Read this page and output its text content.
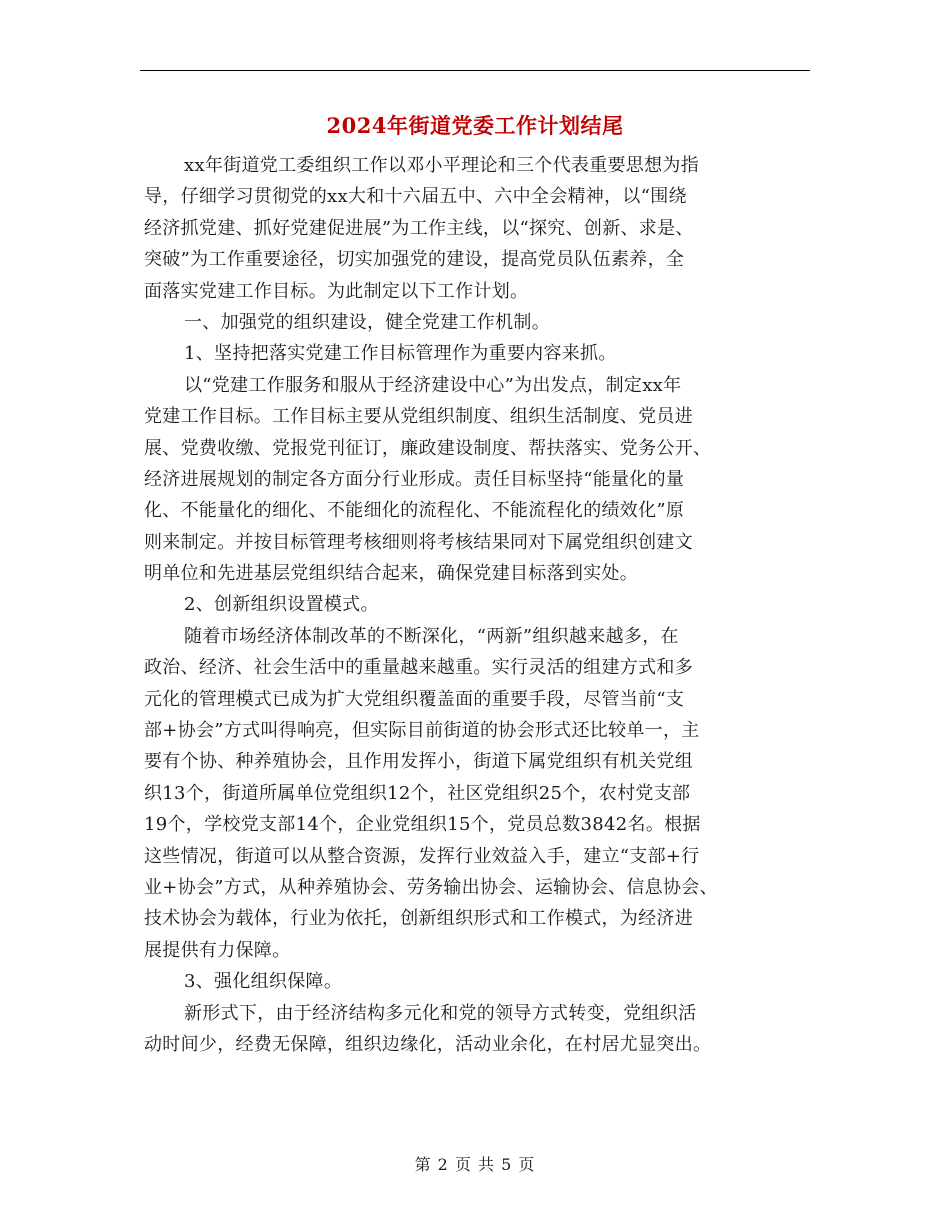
2024年街道党委工作计划结尾
xx年街道党工委组织工作以邓小平理论和三个代表重要思想为指
导，仔细学习贯彻党的xx大和十六届五中、六中全会精神，以“围绕
经济抓党建、抓好党建促进展”为工作主线，以“探究、创新、求是、
突破”为工作重要途径，切实加强党的建设，提高党员队伍素养，全
面落实党建工作目标。为此制定以下工作计划。
一、加强党的组织建设，健全党建工作机制。
1、坚持把落实党建工作目标管理作为重要内容来抓。
以“党建工作服务和服从于经济建设中心”为出发点，制定xx年
党建工作目标。工作目标主要从党组织制度、组织生活制度、党员进
展、党费收缴、党报党刊征订，廉政建设制度、帮扶落实、党务公开、
经济进展规划的制定各方面分行业形成。责任目标坚持“能量化的量
化、不能量化的细化、不能细化的流程化、不能流程化的绩效化”原
则来制定。并按目标管理考核细则将考核结果同对下属党组织创建文
明单位和先进基层党组织结合起来，确保党建目标落到实处。
2、创新组织设置模式。
随着市场经济体制改革的不断深化，“两新”组织越来越多，在
政治、经济、社会生活中的重量越来越重。实行灵活的组建方式和多
元化的管理模式已成为扩大党组织覆盖面的重要手段，尽管当前“支
部+协会”方式叫得响亮，但实际目前街道的协会形式还比较单一，主
要有个协、种养殖协会，且作用发挥小，街道下属党组织有机关党组
织13个，街道所属单位党组织12个，社区党组织25个，农村党支部
19个，学校党支部14个，企业党组织15个，党员总数3842名。根据
这些情况，街道可以从整合资源，发挥行业效益入手，建立“支部+行
业+协会”方式，从种养殖协会、劳务输出协会、运输协会、信息协会、
技术协会为载体，行业为依托，创新组织形式和工作模式，为经济进
展提供有力保障。
3、强化组织保障。
新形式下，由于经济结构多元化和党的领导方式转变，党组织活
动时间少，经费无保障，组织边缘化，活动业余化，在村居尤显突出。
第 2 页 共 5 页
